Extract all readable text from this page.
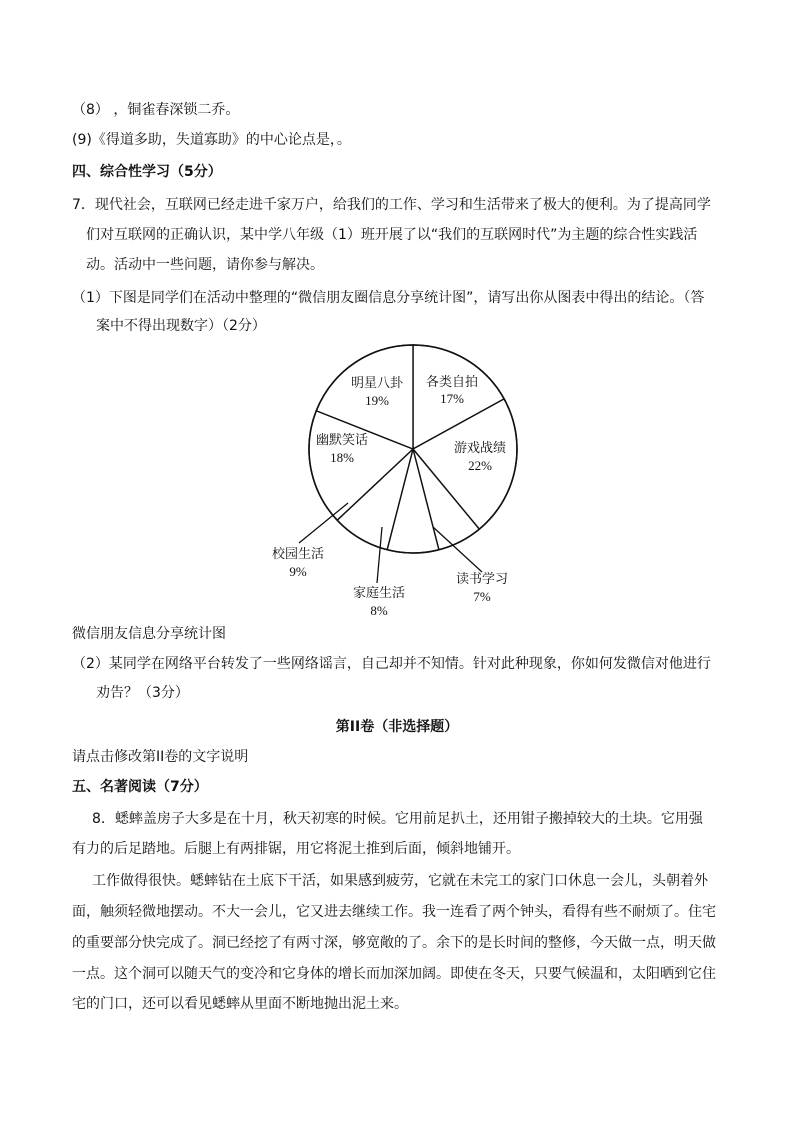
（8） ，铜雀春深锁二乔。
(9)《得道多助，失道寡助》的中心论点是，。
四、综合性学习（5分）
7．现代社会，互联网已经走进千家万户，给我们的工作、学习和生活带来了极大的便利。为了提高同学
们对互联网的正确认识，某中学八年级（1）班开展了以“我们的互联网时代”为主题的综合性实践活
动。活动中一些问题，请你参与解决。
（1）下图是同学们在活动中整理的“微信朋友圈信息分享统计图”，请写出你从图表中得出的结论。（答
案中不得出现数字）（2分）
各类自拍
17%
游戏战绩
22%
读书学习
7%
家庭生活
8%
校园生活
9%
幽默笑话
18%
明星八卦
19%
微信朋友信息分享统计图
（2）某同学在网络平台转发了一些网络谣言，自己却并不知情。针对此种现象，你如何发微信对他进行
劝告？（3分）
第II卷（非选择题）
请点击修改第II卷的文字说明
五、名著阅读（7分）
8．蟋蟀盖房子大多是在十月，秋天初寒的时候。它用前足扒土，还用钳子搬掉较大的土块。它用强
有力的后足踏地。后腿上有两排锯，用它将泥土推到后面，倾斜地铺开。
工作做得很快。蟋蟀钻在土底下干活，如果感到疲劳，它就在未完工的家门口休息一会儿，头朝着外
面，触须轻微地摆动。不大一会儿，它又进去继续工作。我一连看了两个钟头，看得有些不耐烦了。住宅
的重要部分快完成了。洞已经挖了有两寸深，够宽敞的了。余下的是长时间的整修，今天做一点，明天做
一点。这个洞可以随天气的变冷和它身体的增长而加深加阔。即使在冬天，只要气候温和，太阳晒到它住
宅的门口，还可以看见蟋蟀从里面不断地抛出泥土来。
